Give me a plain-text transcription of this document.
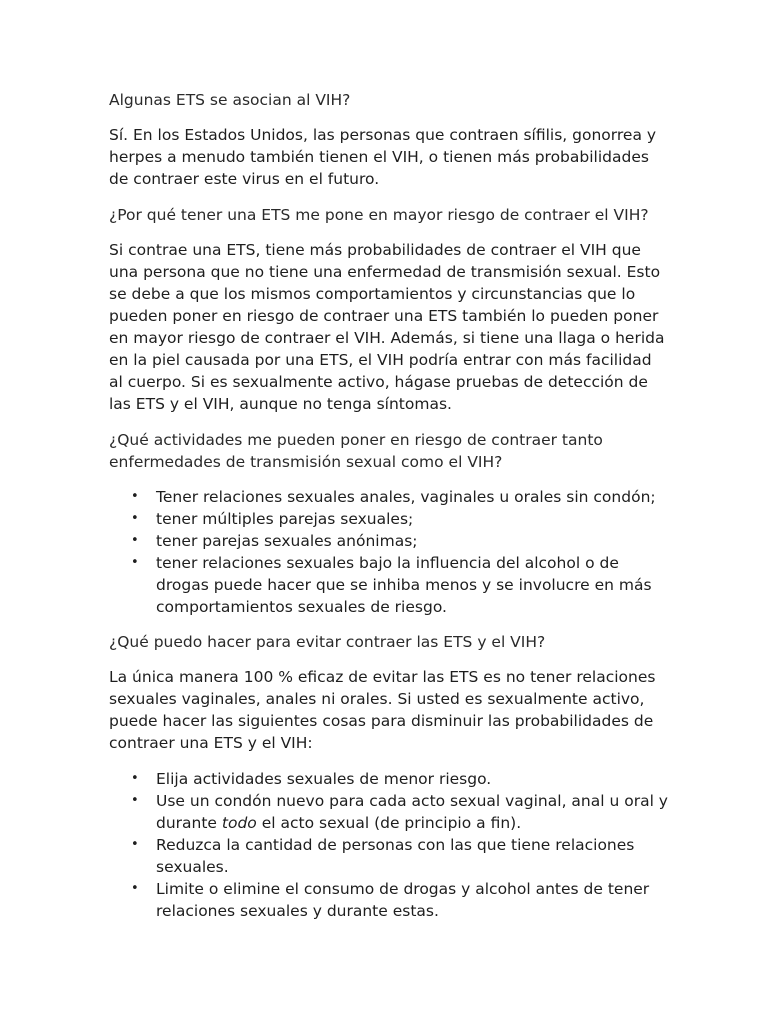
Algunas ETS se asocian al VIH?

Sí. En los Estados Unidos, las personas que contraen sífilis, gonorrea y herpes a menudo también tienen el VIH, o tienen más probabilidades de contraer este virus en el futuro.

¿Por qué tener una ETS me pone en mayor riesgo de contraer el VIH?

Si contrae una ETS, tiene más probabilidades de contraer el VIH que una persona que no tiene una enfermedad de transmisión sexual. Esto se debe a que los mismos comportamientos y circunstancias que lo pueden poner en riesgo de contraer una ETS también lo pueden poner en mayor riesgo de contraer el VIH. Además, si tiene una llaga o herida en la piel causada por una ETS, el VIH podría entrar con más facilidad al cuerpo. Si es sexualmente activo, hágase pruebas de detección de las ETS y el VIH, aunque no tenga síntomas.

¿Qué actividades me pueden poner en riesgo de contraer tanto enfermedades de transmisión sexual como el VIH?

• Tener relaciones sexuales anales, vaginales u orales sin condón;
• tener múltiples parejas sexuales;
• tener parejas sexuales anónimas;
• tener relaciones sexuales bajo la influencia del alcohol o de drogas puede hacer que se inhiba menos y se involucre en más comportamientos sexuales de riesgo.

¿Qué puedo hacer para evitar contraer las ETS y el VIH?

La única manera 100 % eficaz de evitar las ETS es no tener relaciones sexuales vaginales, anales ni orales. Si usted es sexualmente activo, puede hacer las siguientes cosas para disminuir las probabilidades de contraer una ETS y el VIH:

• Elija actividades sexuales de menor riesgo.
• Use un condón nuevo para cada acto sexual vaginal, anal u oral y durante todo el acto sexual (de principio a fin).
• Reduzca la cantidad de personas con las que tiene relaciones sexuales.
• Limite o elimine el consumo de drogas y alcohol antes de tener relaciones sexuales y durante estas.
